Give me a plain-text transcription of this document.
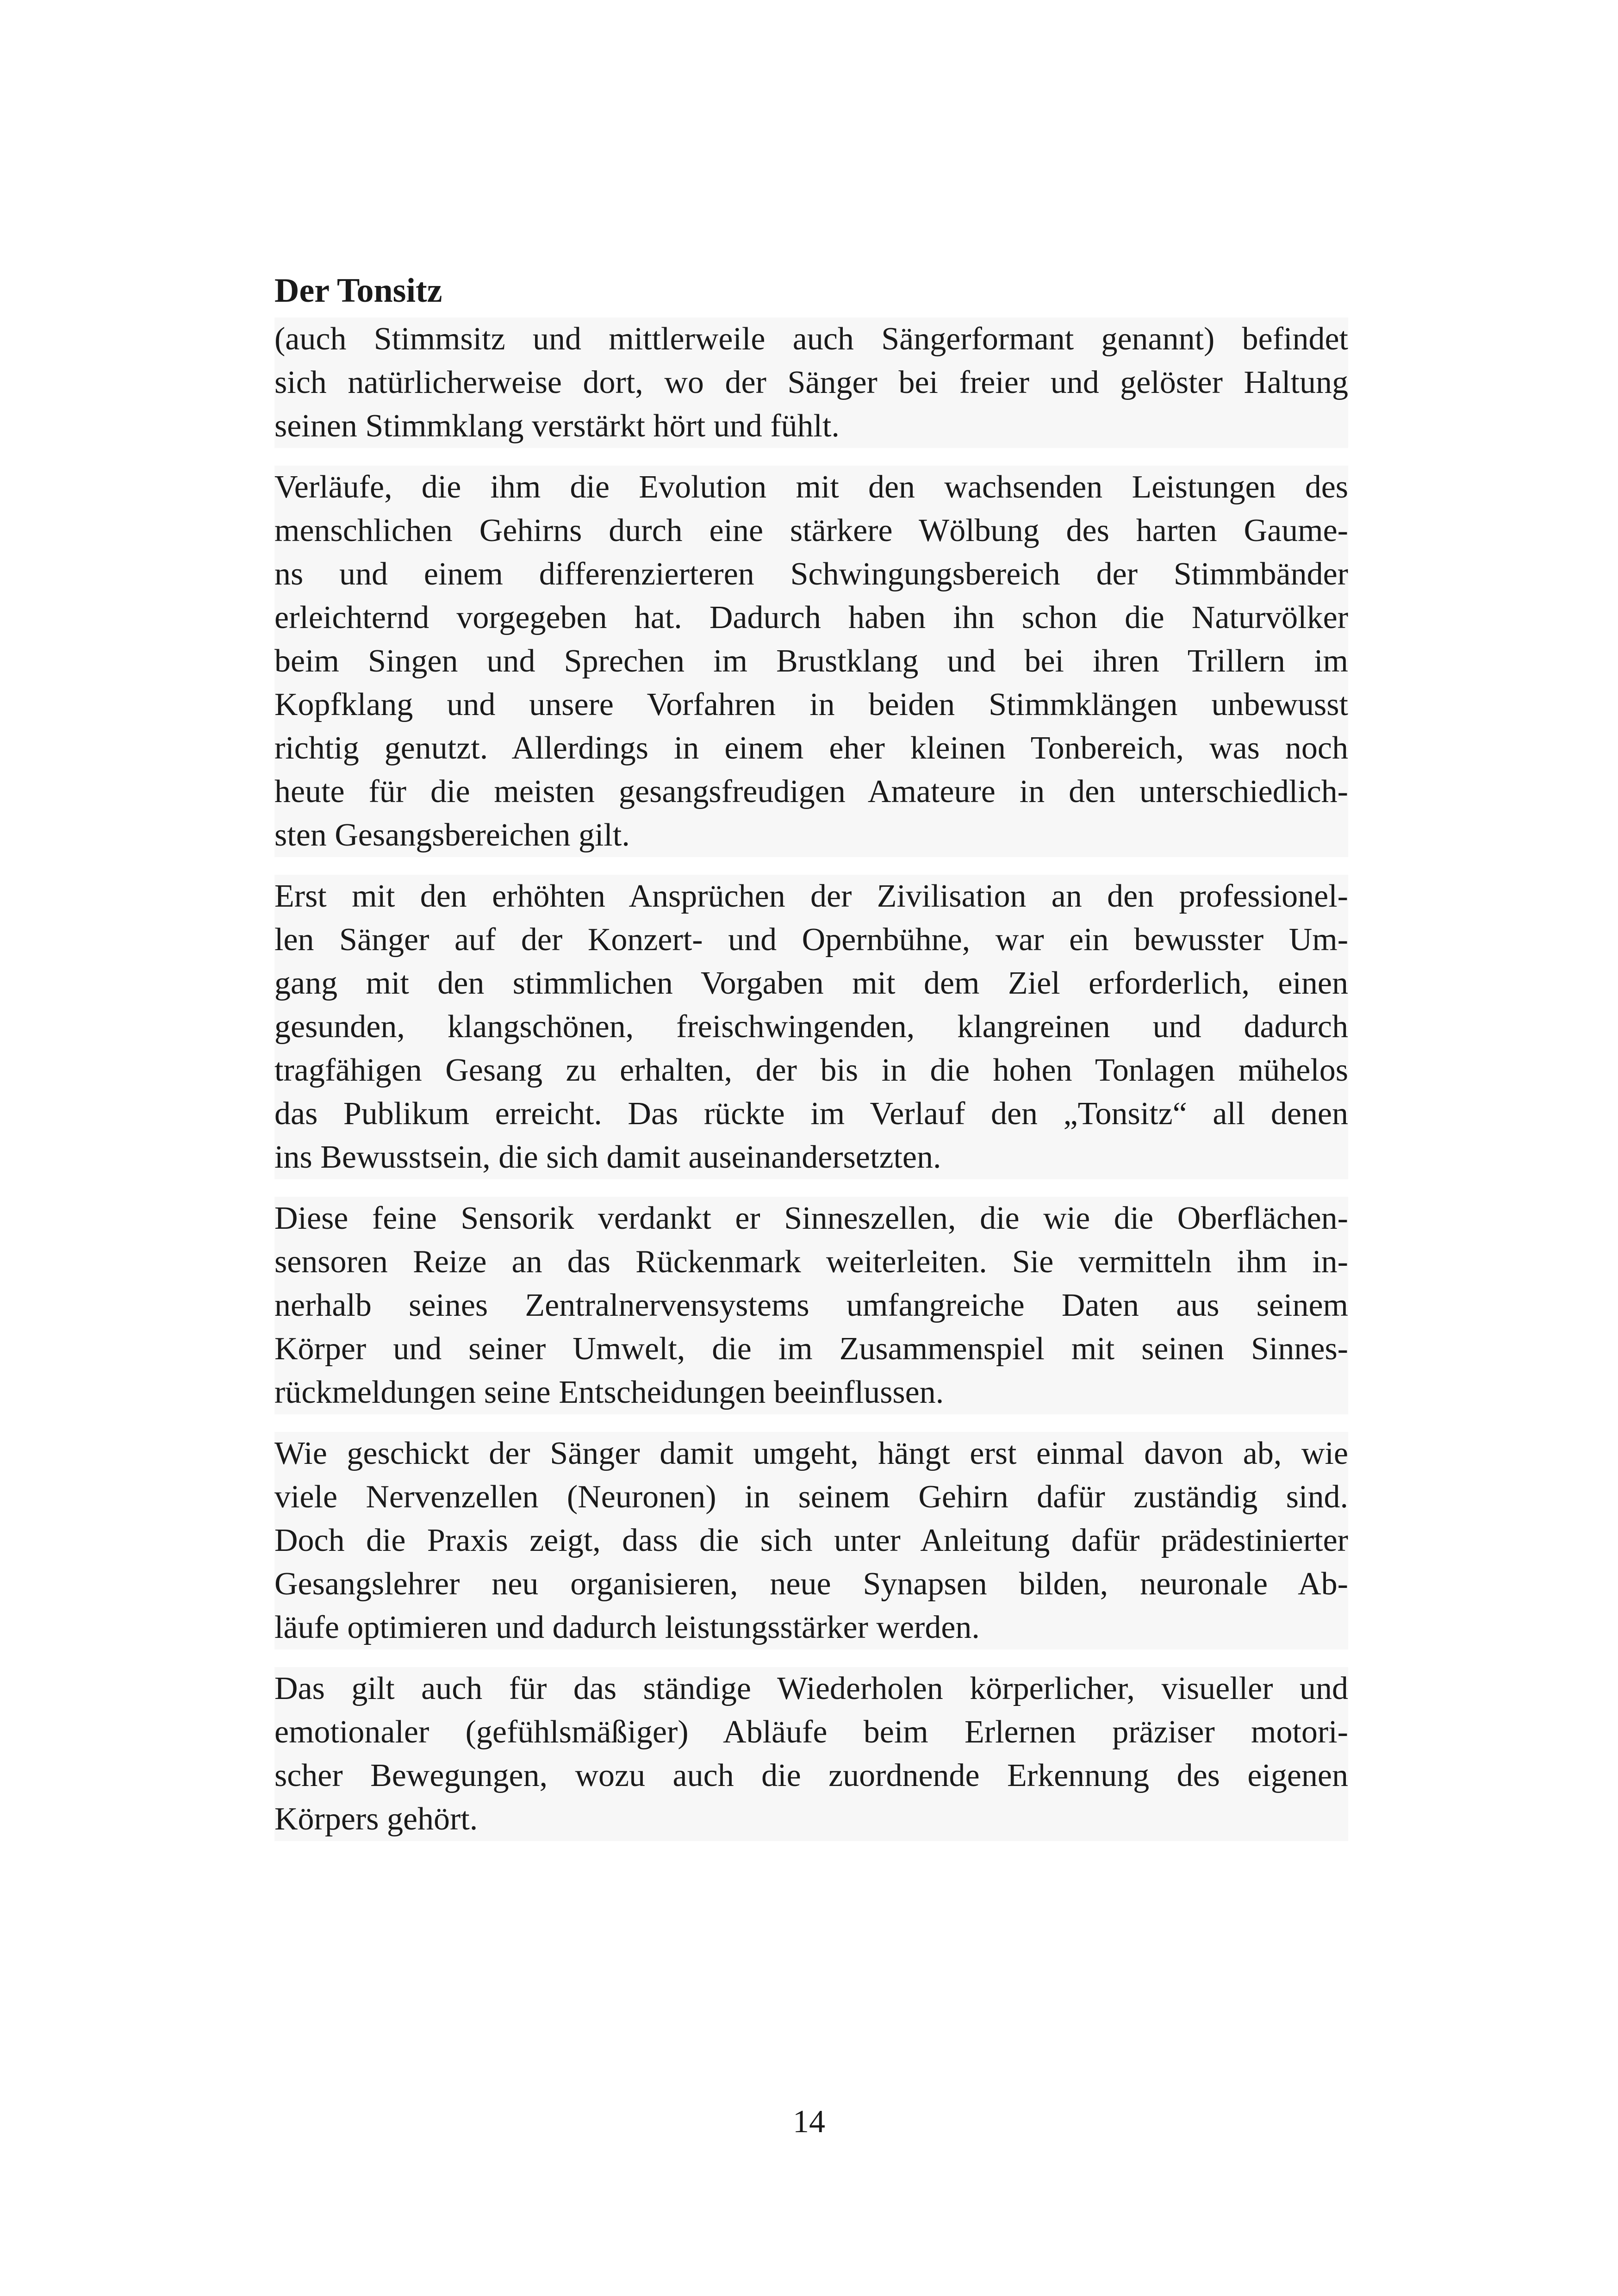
Der Tonsitz
(auch Stimmsitz und mittlerweile auch Sängerformant genannt) befindet
sich natürlicherweise dort, wo der Sänger bei freier und gelöster Haltung
seinen Stimmklang verstärkt hört und fühlt.
Verläufe, die ihm die Evolution mit den wachsenden Leistungen des
menschlichen Gehirns durch eine stärkere Wölbung des harten Gaume-
ns und einem differenzierteren Schwingungsbereich der Stimmbänder
erleichternd vorgegeben hat. Dadurch haben ihn schon die Naturvölker
beim Singen und Sprechen im Brustklang und bei ihren Trillern im
Kopfklang und unsere Vorfahren in beiden Stimmklängen unbewusst
richtig genutzt. Allerdings in einem eher kleinen Tonbereich, was noch
heute für die meisten gesangsfreudigen Amateure in den unterschiedlich-
sten Gesangsbereichen gilt.
Erst mit den erhöhten Ansprüchen der Zivilisation an den professionel-
len Sänger auf der Konzert- und Opernbühne, war ein bewusster Um-
gang mit den stimmlichen Vorgaben mit dem Ziel erforderlich, einen
gesunden, klangschönen, freischwingenden, klangreinen und dadurch
tragfähigen Gesang zu erhalten, der bis in die hohen Tonlagen mühelos
das Publikum erreicht. Das rückte im Verlauf den „Tonsitz“ all denen
ins Bewusstsein, die sich damit auseinandersetzten.
Diese feine Sensorik verdankt er Sinneszellen, die wie die Oberflächen-
sensoren Reize an das Rückenmark weiterleiten. Sie vermitteln ihm in-
nerhalb seines Zentralnervensystems umfangreiche Daten aus seinem
Körper und seiner Umwelt, die im Zusammenspiel mit seinen Sinnes-
rückmeldungen seine Entscheidungen beeinflussen.
Wie geschickt der Sänger damit umgeht, hängt erst einmal davon ab, wie
viele Nervenzellen (Neuronen) in seinem Gehirn dafür zuständig sind.
Doch die Praxis zeigt, dass die sich unter Anleitung dafür prädestinierter
Gesangslehrer neu organisieren, neue Synapsen bilden, neuronale Ab-
läufe optimieren und dadurch leistungsstärker werden.
Das gilt auch für das ständige Wiederholen körperlicher, visueller und
emotionaler (gefühlsmäßiger) Abläufe beim Erlernen präziser motori-
scher Bewegungen, wozu auch die zuordnende Erkennung des eigenen
Körpers gehört.
14
